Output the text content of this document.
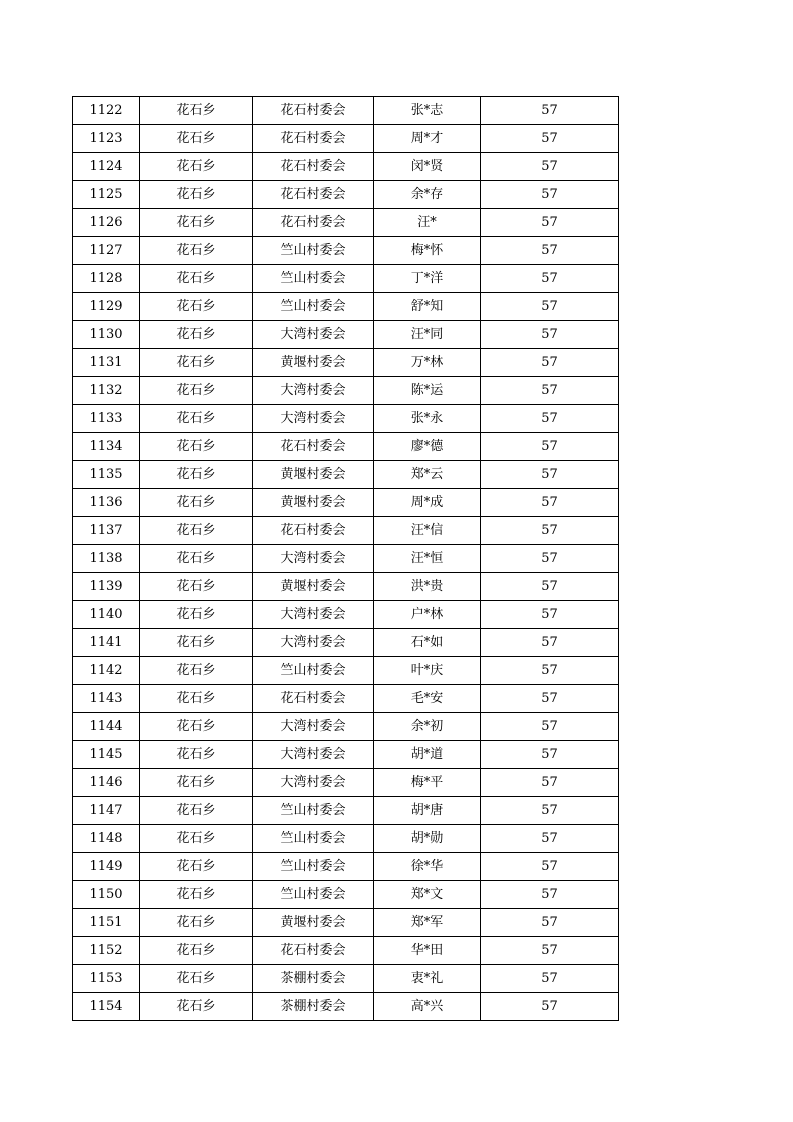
1122	花石乡	花石村委会	张*志	57
1123	花石乡	花石村委会	周*才	57
1124	花石乡	花石村委会	闵*贤	57
1125	花石乡	花石村委会	余*存	57
1126	花石乡	花石村委会	汪*	57
1127	花石乡	竺山村委会	梅*怀	57
1128	花石乡	竺山村委会	丁*洋	57
1129	花石乡	竺山村委会	舒*知	57
1130	花石乡	大湾村委会	汪*同	57
1131	花石乡	黄堰村委会	万*林	57
1132	花石乡	大湾村委会	陈*运	57
1133	花石乡	大湾村委会	张*永	57
1134	花石乡	花石村委会	廖*德	57
1135	花石乡	黄堰村委会	郑*云	57
1136	花石乡	黄堰村委会	周*成	57
1137	花石乡	花石村委会	汪*信	57
1138	花石乡	大湾村委会	汪*恒	57
1139	花石乡	黄堰村委会	洪*贵	57
1140	花石乡	大湾村委会	户*林	57
1141	花石乡	大湾村委会	石*如	57
1142	花石乡	竺山村委会	叶*庆	57
1143	花石乡	花石村委会	毛*安	57
1144	花石乡	大湾村委会	余*初	57
1145	花石乡	大湾村委会	胡*道	57
1146	花石乡	大湾村委会	梅*平	57
1147	花石乡	竺山村委会	胡*唐	57
1148	花石乡	竺山村委会	胡*勋	57
1149	花石乡	竺山村委会	徐*华	57
1150	花石乡	竺山村委会	郑*文	57
1151	花石乡	黄堰村委会	郑*军	57
1152	花石乡	花石村委会	华*田	57
1153	花石乡	茶棚村委会	衷*礼	57
1154	花石乡	茶棚村委会	高*兴	57
